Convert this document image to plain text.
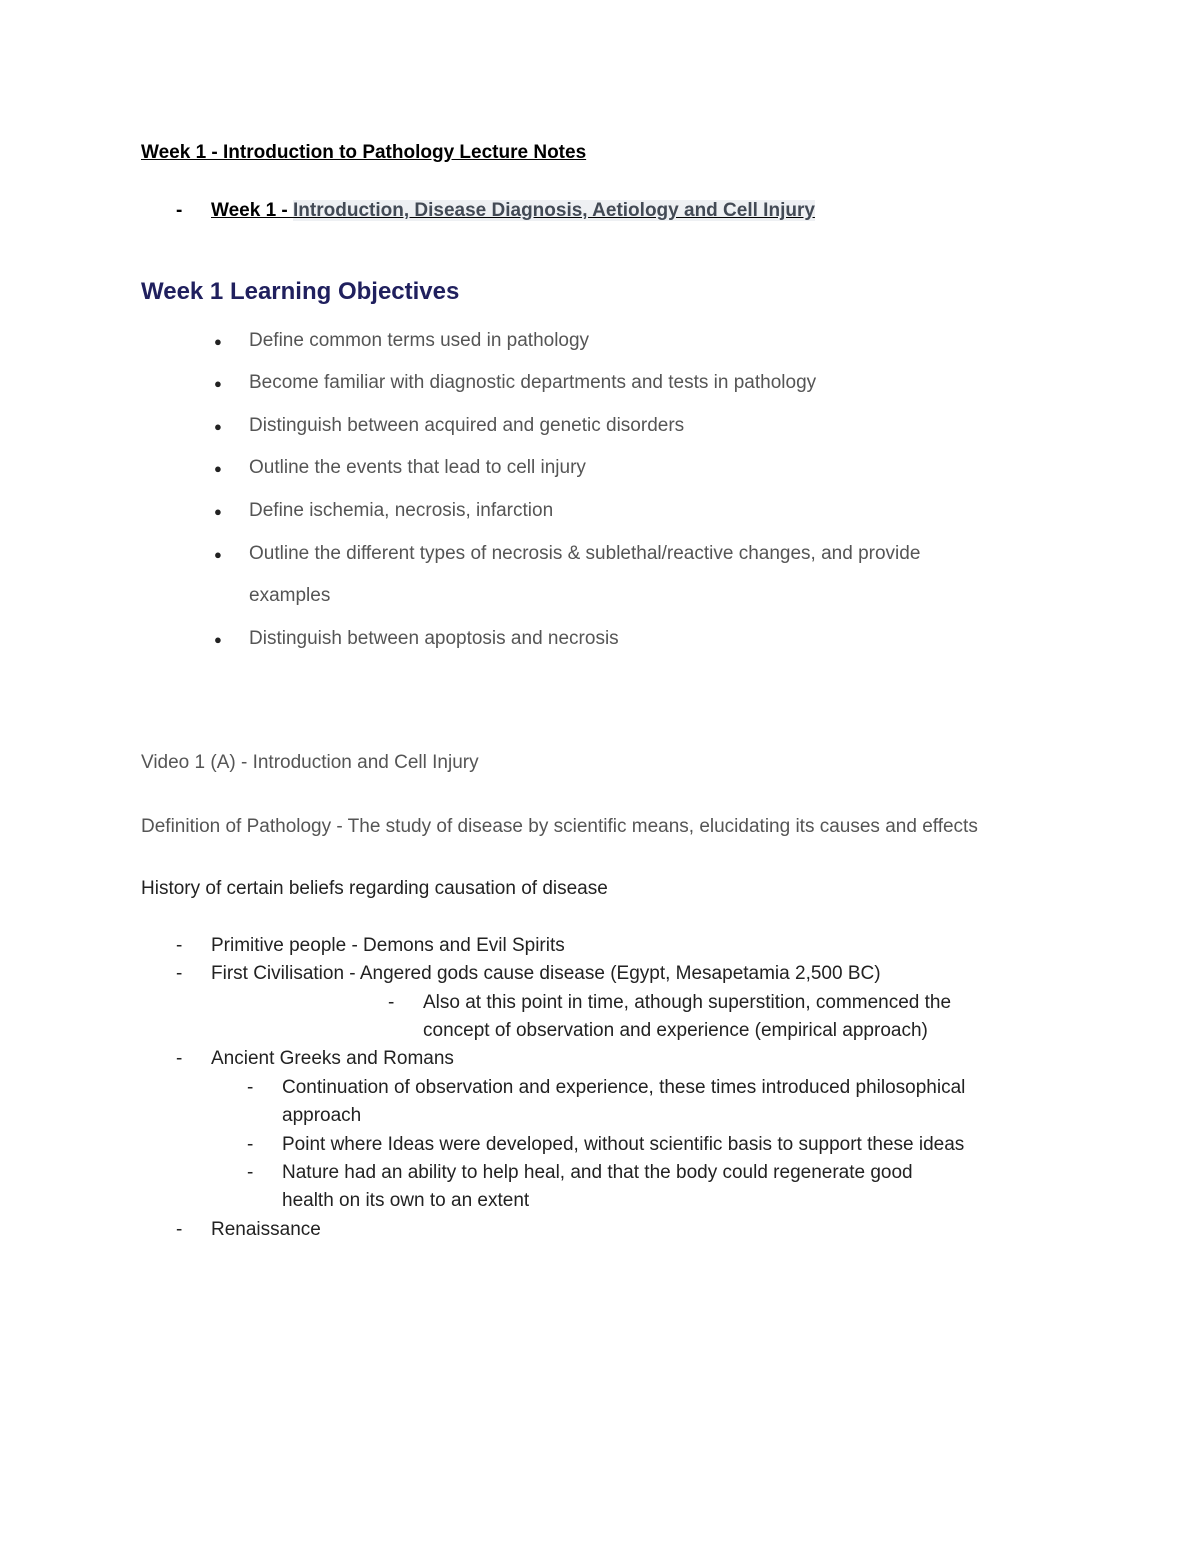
Week 1 - Introduction to Pathology Lecture Notes
- Week 1 - Introduction, Disease Diagnosis, Aetiology and Cell Injury
Week 1 Learning Objectives
● Define common terms used in pathology
● Become familiar with diagnostic departments and tests in pathology
● Distinguish between acquired and genetic disorders
● Outline the events that lead to cell injury
● Define ischemia, necrosis, infarction
● Outline the different types of necrosis & sublethal/reactive changes, and provide
examples
● Distinguish between apoptosis and necrosis
Video 1 (A) - Introduction and Cell Injury
Definition of Pathology - The study of disease by scientific means, elucidating its causes and effects
History of certain beliefs regarding causation of disease
- Primitive people - Demons and Evil Spirits
- First Civilisation - Angered gods cause disease (Egypt, Mesapetamia 2,500 BC)
- Also at this point in time, athough superstition, commenced the
concept of observation and experience (empirical approach)
- Ancient Greeks and Romans
- Continuation of observation and experience, these times introduced philosophical
approach
- Point where Ideas were developed, without scientific basis to support these ideas
- Nature had an ability to help heal, and that the body could regenerate good
health on its own to an extent
- Renaissance
